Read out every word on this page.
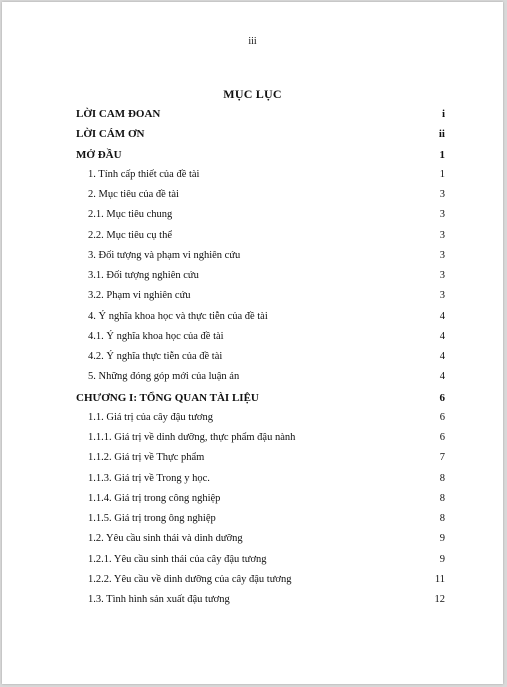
iii
MỤC LỤC
LỜI CAM ĐOAN	i
LỜI CÁM ƠN	ii
MỞ ĐẦU	1
1. Tính cấp thiết của đề tài	1
2. Mục tiêu của đề tài	3
2.1. Mục tiêu chung	3
2.2. Mục tiêu cụ thể	3
3. Đối tượng và phạm vi nghiên cứu	3
3.1. Đối tượng nghiên cứu	3
3.2. Phạm vi nghiên cứu	3
4. Ý nghĩa khoa học và thực tiễn của đề tài	4
4.1. Ý nghĩa khoa học của đề tài	4
4.2. Ý nghĩa thực tiễn của đề tài	4
5. Những đóng góp mới của luận án	4
CHƯƠNG I: TỔNG QUAN TÀI LIỆU	6
1.1. Giá trị của cây đậu tương	6
1.1.1. Giá trị về dinh dưỡng, thực phẩm đậu nành	6
1.1.2. Giá trị về Thực phẩm	7
1.1.3. Giá trị về Trong y học.	8
1.1.4. Giá trị trong công nghiệp	8
1.1.5. Giá trị trong ông nghiệp	8
1.2. Yêu cầu sinh thái và dinh dưỡng	9
1.2.1. Yêu cầu sinh thái của cây đậu tương	9
1.2.2. Yêu cầu về dinh dưỡng của cây đậu tương	11
1.3. Tình hình sản xuất đậu tương	12
